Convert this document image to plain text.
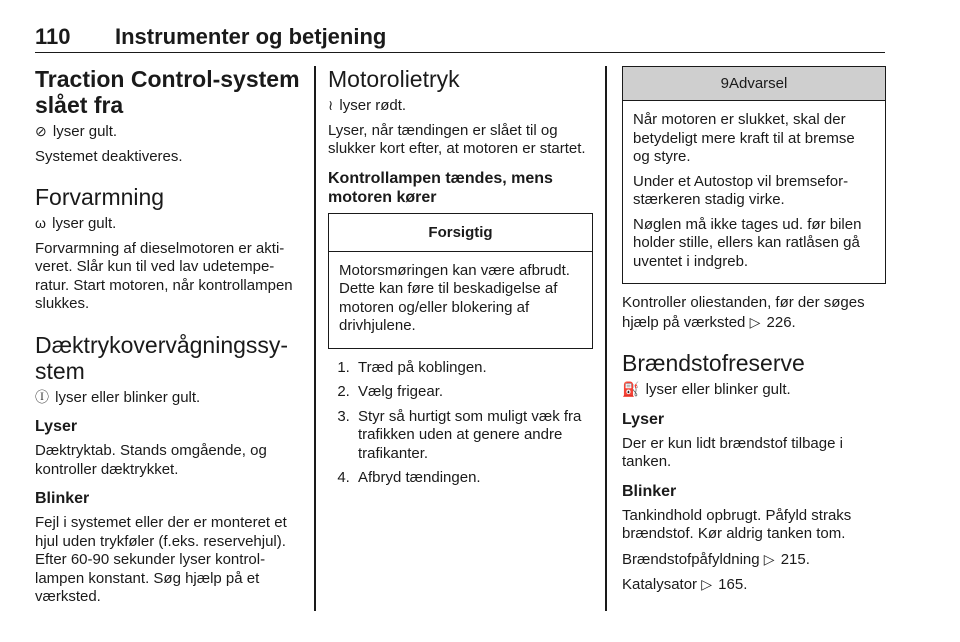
110 Instrumenter og betjening
Traction Control-system slået fra

⊘ lyser gult.

Systemet deaktiveres.

Forvarmning

ω lyser gult.

Forvarmning af dieselmotoren er aktiveret. Slår kun til ved lav udetemperatur. Start motoren, når kontrollampen slukkes.

Dæktrykovervågningssystem

Ⓘ lyser eller blinker gult.

Lyser

Dæktryktab. Stands omgående, og kontroller dæktrykket.

Blinker

Fejl i systemet eller der er monteret et hjul uden trykføler (f.eks. reservehjul). Efter 60-90 sekunder lyser kontrollampen konstant. Søg hjælp på et værksted.

Motorolietryk

≀ lyser rødt.

Lyser, når tændingen er slået til og slukker kort efter, at motoren er startet.

Kontrollampen tændes, mens motoren kører
Forsigtig

Motorsmøringen kan være afbrudt. Dette kan føre til beskadigelse af motoren og/eller blokering af drivhjulene.

1. Træd på koblingen.
2. Vælg frigear.
3. Styr så hurtigt som muligt væk fra trafikken uden at genere andre trafikanter.
4. Afbryd tændingen.
9Advarsel

Når motoren er slukket, skal der betydeligt mere kraft til at bremse og styre.

Under et Autostop vil bremseforstærkeren stadig virke.

Nøglen må ikke tages ud. før bilen holder stille, ellers kan ratlåsen gå uventet i indgreb.

Kontroller oliestanden, før der søges hjælp på værksted ▷ 226.

Brændstofreserve

⛽ lyser eller blinker gult.

Lyser

Der er kun lidt brændstof tilbage i tanken.

Blinker

Tankindhold opbrugt. Påfyld straks brændstof. Kør aldrig tanken tom.

Brændstofpåfyldning ▷ 215.

Katalysator ▷ 165.
